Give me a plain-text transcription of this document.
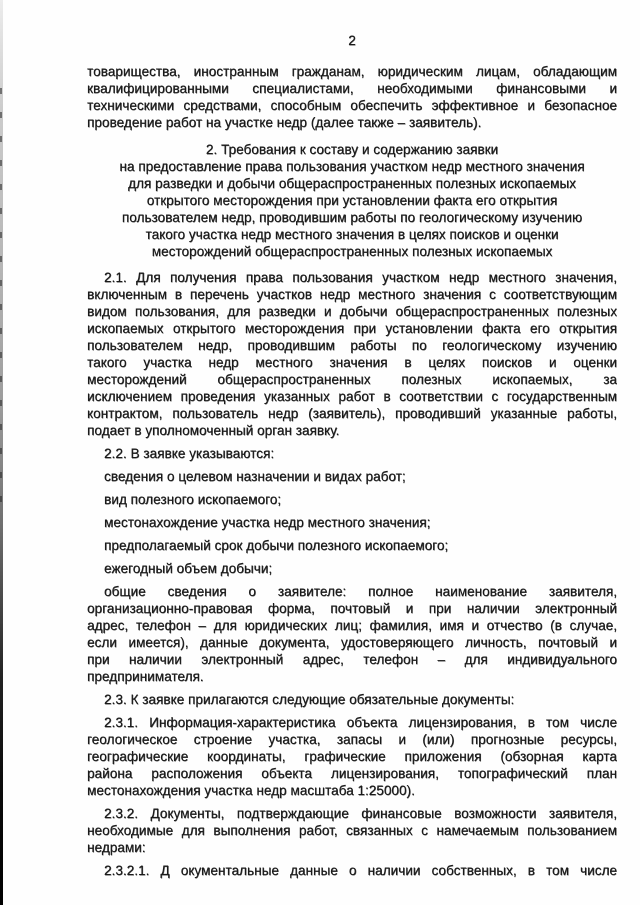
2
товарищества, иностранным гражданам, юридическим лицам, обладающим
квалифицированными специалистами, необходимыми финансовыми и
техническими средствами, способным обеспечить эффективное и безопасное
проведение работ на участке недр (далее также – заявитель).
2. Требования к составу и содержанию заявки
на предоставление права пользования участком недр местного значения
для разведки и добычи общераспространенных полезных ископаемых
открытого месторождения при установлении факта его открытия
пользователем недр, проводившим работы по геологическому изучению
такого участка недр местного значения в целях поисков и оценки
месторождений общераспространенных полезных ископаемых
2.1. Для получения права пользования участком недр местного значения,
включенным в перечень участков недр местного значения с соответствующим
видом пользования, для разведки и добычи общераспространенных полезных
ископаемых открытого месторождения при установлении факта его открытия
пользователем недр, проводившим работы по геологическому изучению
такого участка недр местного значения в целях поисков и оценки
месторождений общераспространенных полезных ископаемых, за
исключением проведения указанных работ в соответствии с государственным
контрактом, пользователь недр (заявитель), проводивший указанные работы,
подает в уполномоченный орган заявку.
2.2. В заявке указываются:
сведения о целевом назначении и видах работ;
вид полезного ископаемого;
местонахождение участка недр местного значения;
предполагаемый срок добычи полезного ископаемого;
ежегодный объем добычи;
общие сведения о заявителе: полное наименование заявителя,
организационно-правовая форма, почтовый и при наличии электронный
адрес, телефон – для юридических лиц; фамилия, имя и отчество (в случае,
если имеется), данные документа, удостоверяющего личность, почтовый и
при наличии электронный адрес, телефон – для индивидуального
предпринимателя.
2.3. К заявке прилагаются следующие обязательные документы:
2.3.1. Информация-характеристика объекта лицензирования, в том числе
геологическое строение участка, запасы и (или) прогнозные ресурсы,
географические координаты, графические приложения (обзорная карта
района расположения объекта лицензирования, топографический план
местонахождения участка недр масштаба 1:25000).
2.3.2. Документы, подтверждающие финансовые возможности заявителя,
необходимые для выполнения работ, связанных с намечаемым пользованием
недрами:
2.3.2.1. Д окументальные данные о наличии собственных, в том числе
